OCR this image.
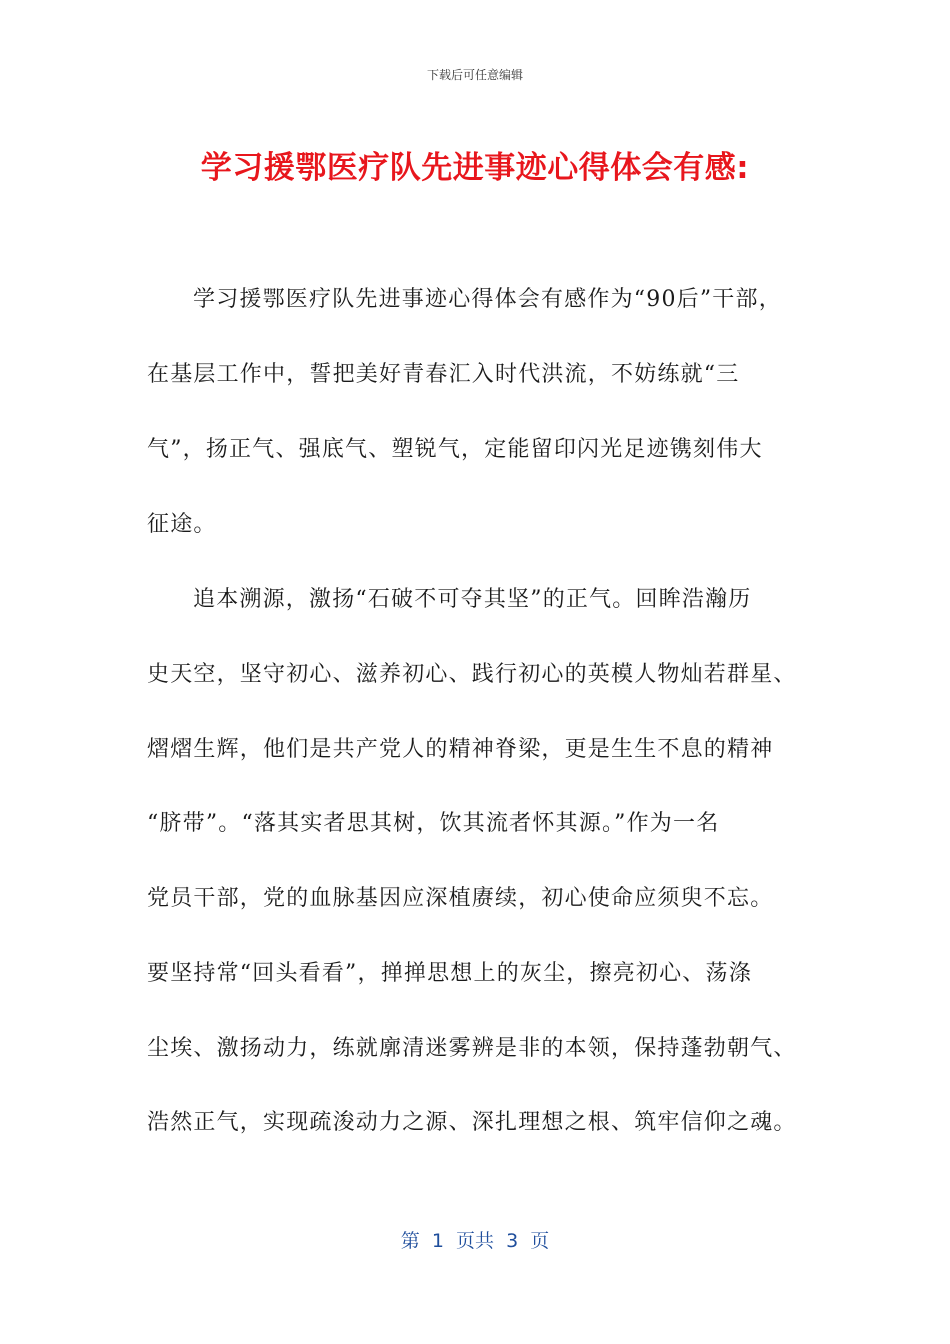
下载后可任意编辑
学习援鄂医疗队先进事迹心得体会有感:
学习援鄂医疗队先进事迹心得体会有感作为“90后”干部，
在基层工作中，誓把美好青春汇入时代洪流，不妨练就“三
气”，扬正气、强底气、塑锐气，定能留印闪光足迹镌刻伟大
征途。
追本溯源，激扬“石破不可夺其坚”的正气。回眸浩瀚历
史天空，坚守初心、滋养初心、践行初心的英模人物灿若群星、
熠熠生辉，他们是共产党人的精神脊梁，更是生生不息的精神
“脐带”。“落其实者思其树，饮其流者怀其源。”作为一名
党员干部，党的血脉基因应深植赓续，初心使命应须臾不忘。
要坚持常“回头看看”，掸掸思想上的灰尘，擦亮初心、荡涤
尘埃、激扬动力，练就廓清迷雾辨是非的本领，保持蓬勃朝气、
浩然正气，实现疏浚动力之源、深扎理想之根、筑牢信仰之魂。
第  1  页共  3  页
